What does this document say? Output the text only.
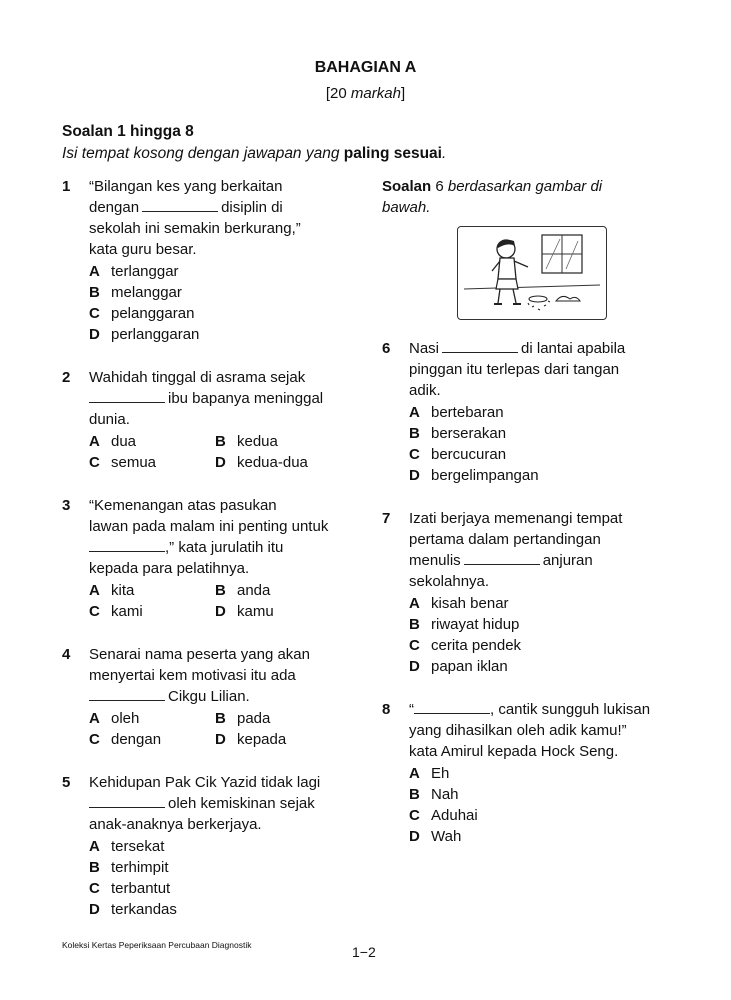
BAHAGIAN A
[20 markah]
Soalan 1 hingga 8
Isi tempat kosong dengan jawapan yang paling sesuai.
1	“Bilangan kes yang berkaitan
dengan	disiplin di
sekolah ini semakin berkurang,”
kata guru besar.
A terlanggar
B melanggar
C pelanggaran
D perlanggaran
2	Wahidah tinggal di asrama sejak
ibu bapanya meninggal
dunia.
A dua	B kedua
C semua	D kedua-dua
3	“Kemenangan atas pasukan
lawan pada malam ini penting untuk
,” kata jurulatih itu
kepada para pelatihnya.
A kita	B anda
C kami	D kamu
4	Senarai nama peserta yang akan
menyertai kem motivasi itu ada
Cikgu Lilian.
A oleh	B pada
C dengan	D kepada
5	Kehidupan Pak Cik Yazid tidak lagi
oleh kemiskinan sejak
anak-anaknya berkerjaya.
A tersekat
B terhimpit
C terbantut
D terkandas
Soalan 6 berdasarkan gambar di
bawah.
6	Nasi	di lantai apabila
pinggan itu terlepas dari tangan
adik.
A bertebaran
B berserakan
C bercucuran
D bergelimpangan
7	Izati berjaya memenangi tempat
pertama dalam pertandingan
menulis	anjuran
sekolahnya.
A kisah benar
B riwayat hidup
C cerita pendek
D papan iklan
8	“	, cantik sungguh lukisan
yang dihasilkan oleh adik kamu!”
kata Amirul kepada Hock Seng.
A Eh
B Nah
C Aduhai
D Wah
Koleksi Kertas Peperiksaan Percubaan Diagnostik	1−2
